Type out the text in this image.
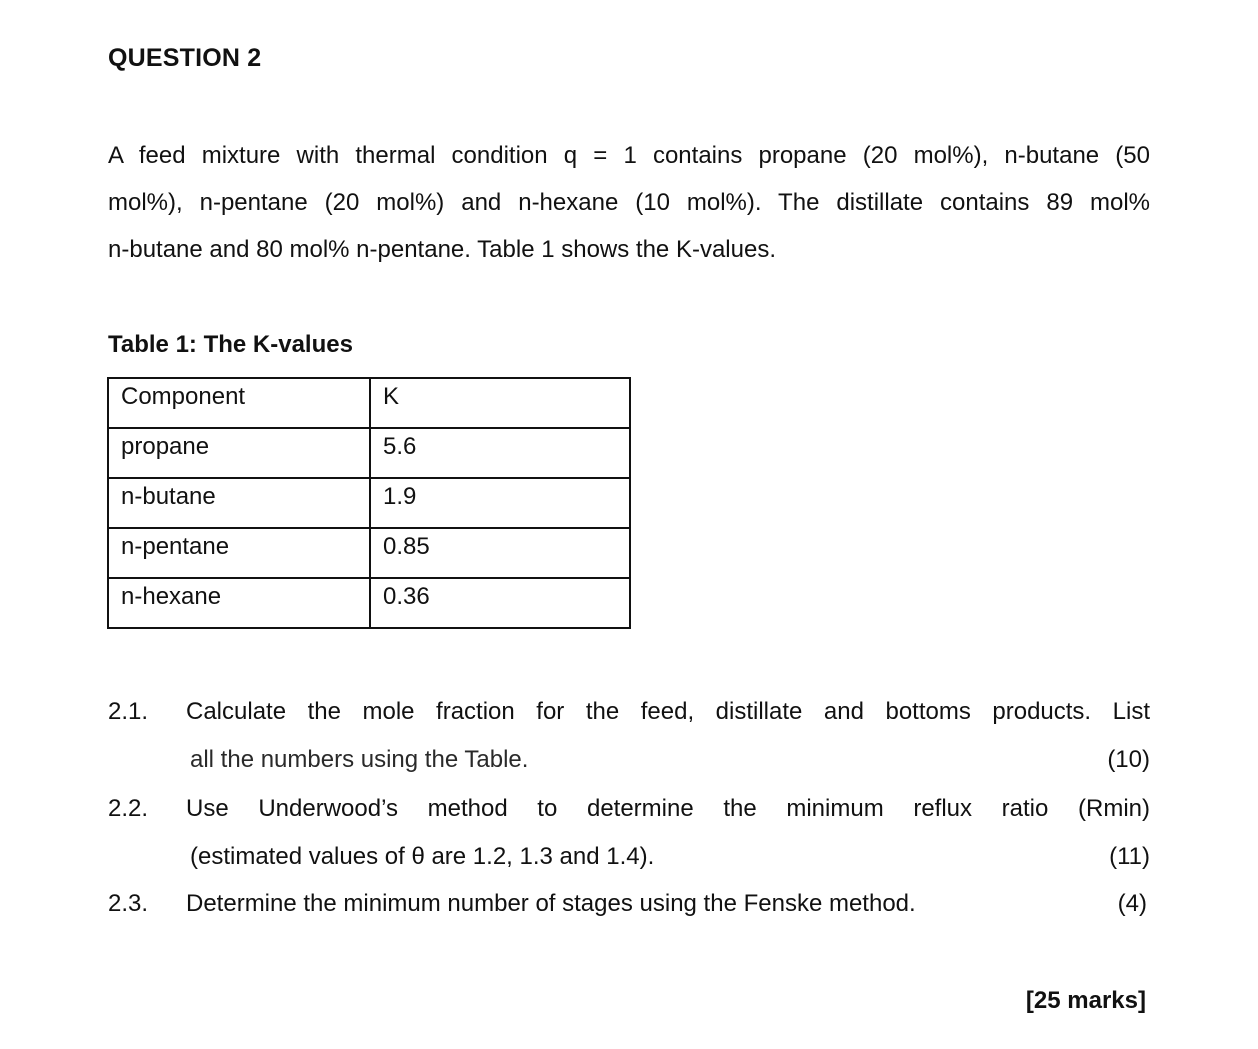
QUESTION 2
A feed mixture with thermal condition q = 1 contains propane (20 mol%), n-butane (50
mol%), n-pentane (20 mol%) and n-hexane (10 mol%). The distillate contains 89 mol%
n-butane and 80 mol% n-pentane. Table 1 shows the K-values.
Table 1: The K-values
Component	K

propane	5.6

n-butane	1.9

n-pentane	0.85

n-hexane	0.36
2.1. Calculate the mole fraction for the feed, distillate and bottoms products. List
all the numbers using the Table.	(10)
2.2. Use Underwood’s method to determine the minimum reflux ratio (Rmin)
(estimated values of θ are 1.2, 1.3 and 1.4).	(11)
2.3. Determine the minimum number of stages using the Fenske method.	(4)
[25 marks]
